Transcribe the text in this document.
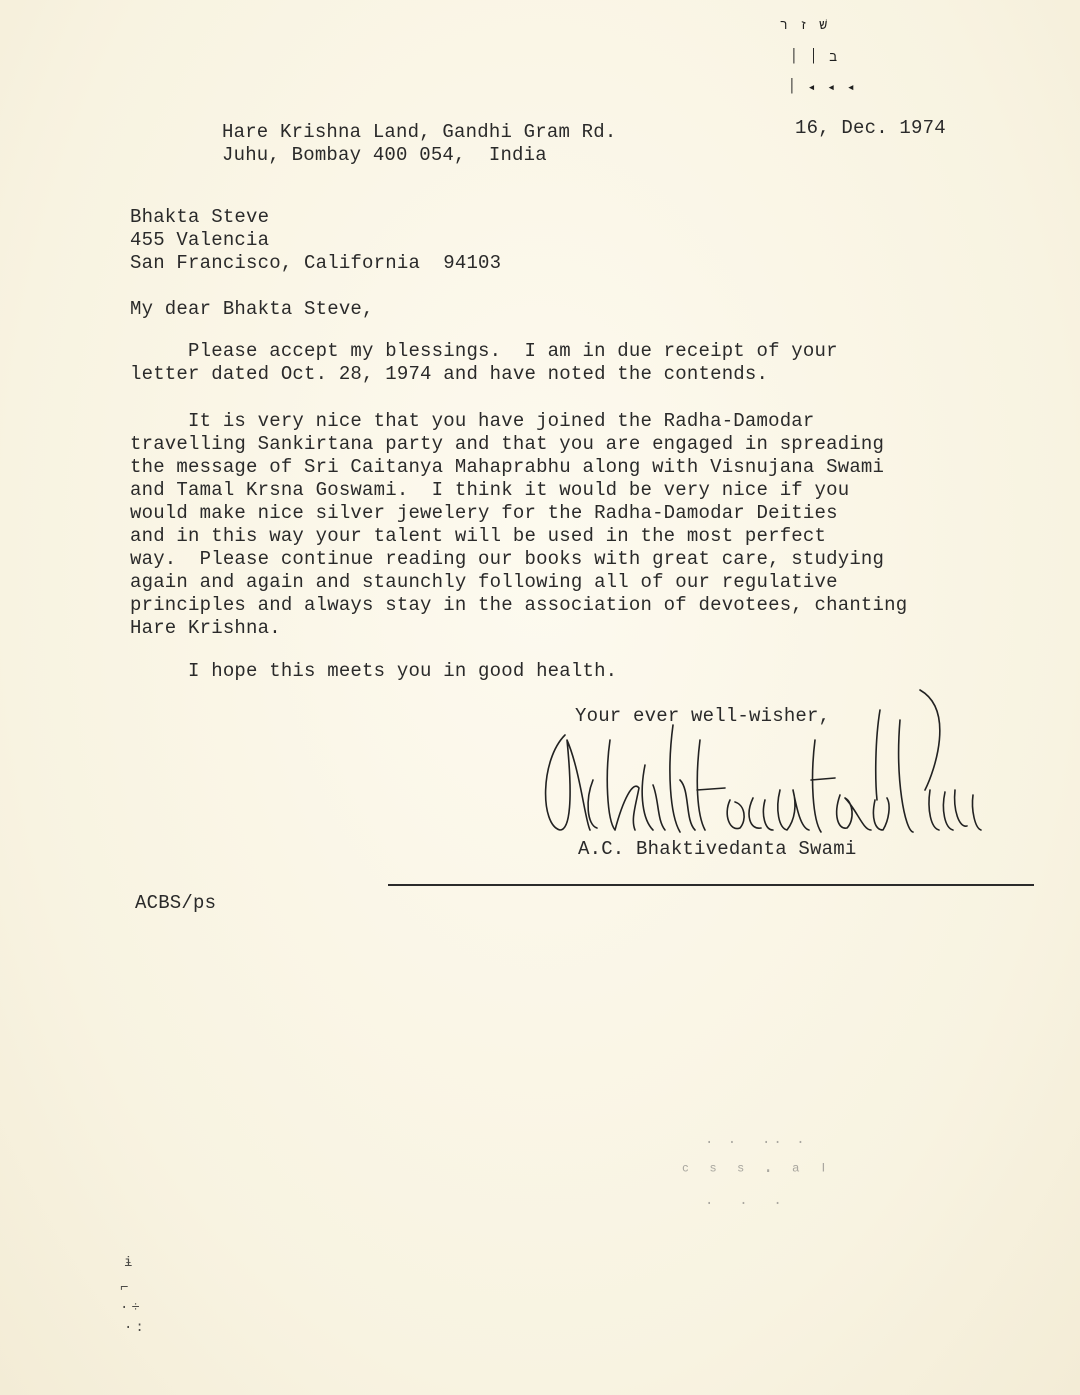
שׁ ז ר
ב ׀ ׀
׀ ◂ ◂ ◂
Hare Krishna Land, Gandhi Gram Rd.
Juhu, Bombay 400 054,  India
16, Dec. 1974
Bhakta Steve
455 Valencia
San Francisco, California  94103
My dear Bhakta Steve,
Please accept my blessings.  I am in due receipt of your
letter dated Oct. 28, 1974 and have noted the contends.
It is very nice that you have joined the Radha-Damodar
travelling Sankirtana party and that you are engaged in spreading
the message of Sri Caitanya Mahaprabhu along with Visnujana Swami
and Tamal Krsna Goswami.  I think it would be very nice if you
would make nice silver jewelery for the Radha-Damodar Deities
and in this way your talent will be used in the most perfect
way.  Please continue reading our books with great care, studying
again and again and staunchly following all of our regulative
principles and always stay in the association of devotees, chanting
Hare Krishna.
I hope this meets you in good health.
Your ever well-wisher,
A.C. Bhaktivedanta Swami
ACBS/ps
· ·  ·· ·
ᶜ ˢ ˢ · ᵃ ᴵ
·  ·  ·
ɨ
⌐
·÷
·:
